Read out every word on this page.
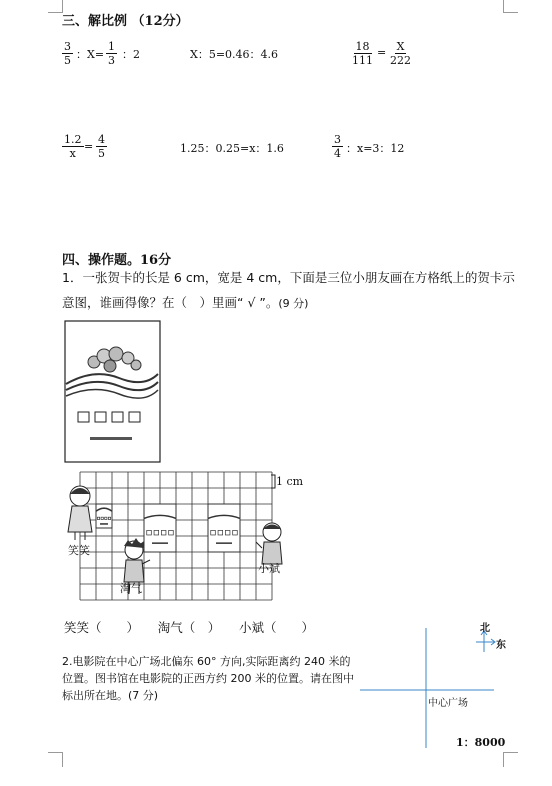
三、解比例 （12分）
$\frac{3}{5}$ ：$X= \frac{1}{3}$ ：2	X：5=0.46：4.6	$\frac{18}{111} = \frac{X}{222}$
$\frac{1.2}{x} = \frac{4}{5}$	1.25：0.25=x：1.6	$\frac{3}{4}$ ：x=3：12
四、操作题。16分
1．一张贺卡的长是 6 cm，宽是 4 cm，下面是三位小朋友画在方格纸上的贺卡示
意图，谁画得像？在（　）里画“ √ ”。(9 分)
1 cm
笑笑
淘气
小斌
笑笑（　　）　　淘气（　）　　小斌（　　）
2.电影院在中心广场北偏东 60° 方向,实际距离约 240 米的
位置。图书馆在电影院的正西方约 200 米的位置。请在图中
标出所在地。(7 分)
中心广场
北
东
1：8000
